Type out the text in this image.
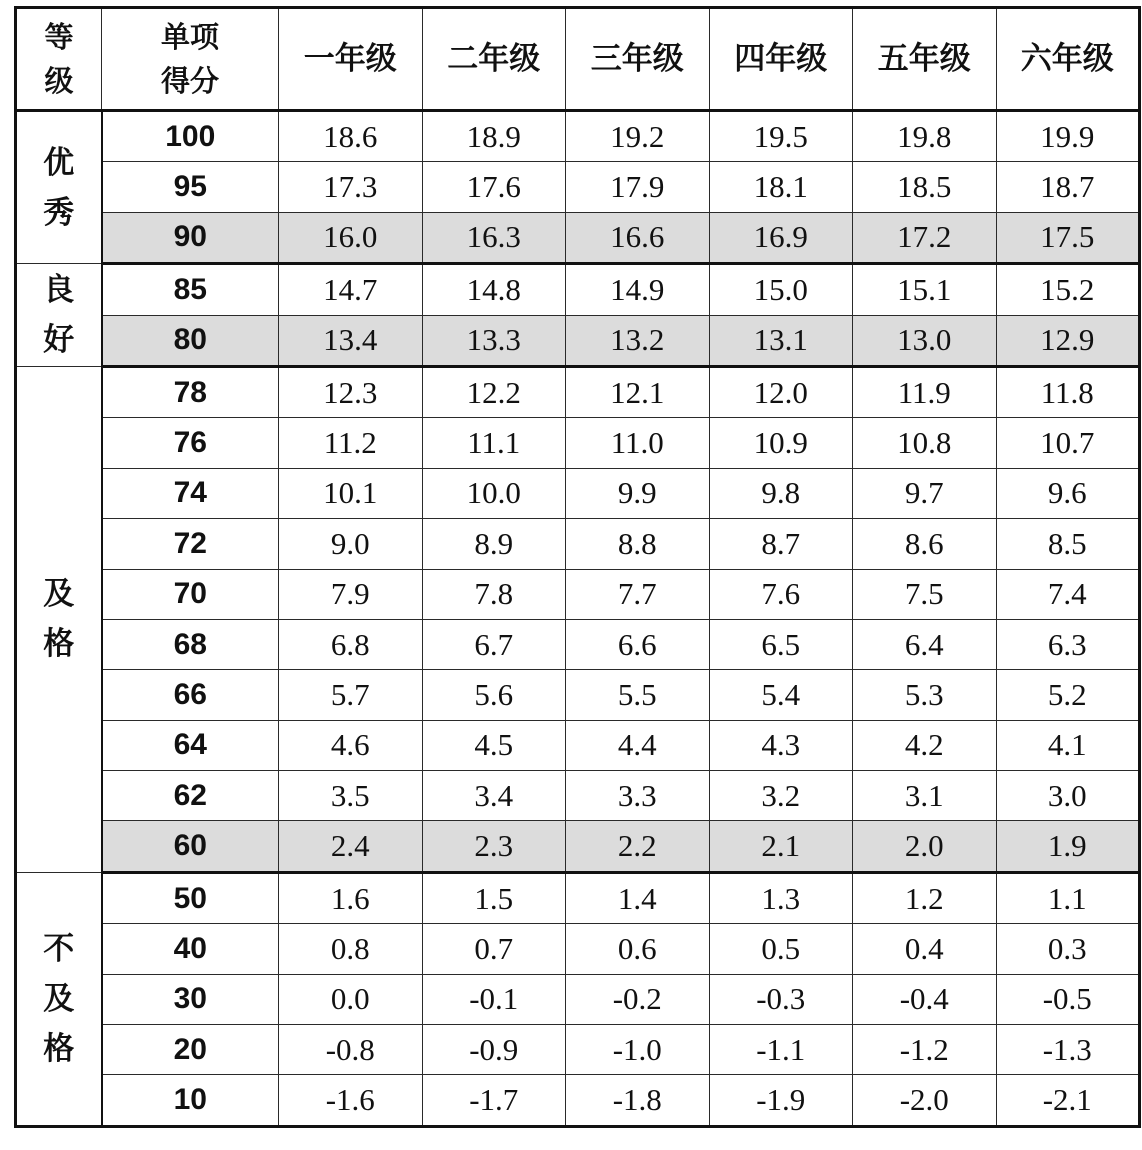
等级	单项得分	一年级	二年级	三年级	四年级	五年级	六年级
优秀	100	18.6	18.9	19.2	19.5	19.8	19.9
	95	17.3	17.6	17.9	18.1	18.5	18.7
	90	16.0	16.3	16.6	16.9	17.2	17.5
良好	85	14.7	14.8	14.9	15.0	15.1	15.2
	80	13.4	13.3	13.2	13.1	13.0	12.9
及格	78	12.3	12.2	12.1	12.0	11.9	11.8
	76	11.2	11.1	11.0	10.9	10.8	10.7
	74	10.1	10.0	9.9	9.8	9.7	9.6
	72	9.0	8.9	8.8	8.7	8.6	8.5
	70	7.9	7.8	7.7	7.6	7.5	7.4
	68	6.8	6.7	6.6	6.5	6.4	6.3
	66	5.7	5.6	5.5	5.4	5.3	5.2
	64	4.6	4.5	4.4	4.3	4.2	4.1
	62	3.5	3.4	3.3	3.2	3.1	3.0
	60	2.4	2.3	2.2	2.1	2.0	1.9
不及格	50	1.6	1.5	1.4	1.3	1.2	1.1
	40	0.8	0.7	0.6	0.5	0.4	0.3
	30	0.0	-0.1	-0.2	-0.3	-0.4	-0.5
	20	-0.8	-0.9	-1.0	-1.1	-1.2	-1.3
	10	-1.6	-1.7	-1.8	-1.9	-2.0	-2.1
